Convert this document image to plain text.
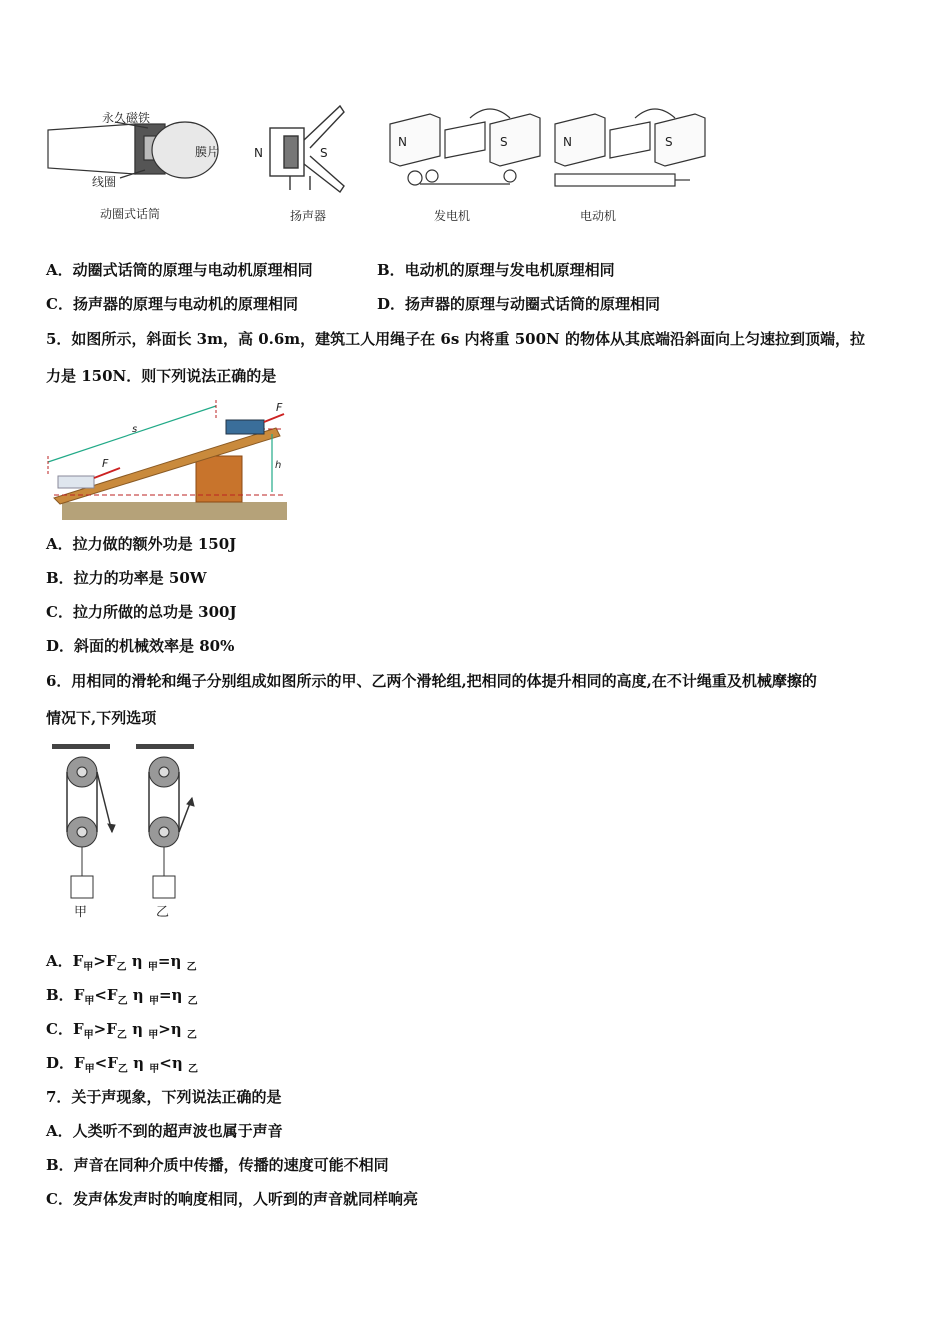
永久磁铁
膜片
线圈
N	S
N	S	N	S
动圈式话筒	扬声器	发电机	电动机
A．动圈式话筒的原理与电动机原理相同	B．电动机的原理与发电机原理相同
C．扬声器的原理与电动机的原理相同	D．扬声器的原理与动圈式话筒的原理相同
5．如图所示，斜面长 3m，高 0.6m，建筑工人用绳子在 6s 内将重 500N 的物体从其底端沿斜面向上匀速拉到顶端，拉
力是 150N．则下列说法正确的是
F
F
s
h
A．拉力做的额外功是 150J
B．拉力的功率是 50W
C．拉力所做的总功是 300J
D．斜面的机械效率是 80%
6．用相同的滑轮和绳子分别组成如图所示的甲、乙两个滑轮组,把相同的体提升相同的高度,在不计绳重及机械摩擦的
情况下,下列选项
甲	乙
A．$F_甲>F_乙$ η $_甲$=η $_乙$
B．$F_甲<F_乙$ η $_甲$=η $_乙$
C．$F_甲>F_乙$ η $_甲$>η $_乙$
D．$F_甲<F_乙$ η $_甲$<η $_乙$
7．关于声现象，下列说法正确的是
A．人类听不到的超声波也属于声音
B．声音在同种介质中传播，传播的速度可能不相同
C．发声体发声时的响度相同，人听到的声音就同样响亮
